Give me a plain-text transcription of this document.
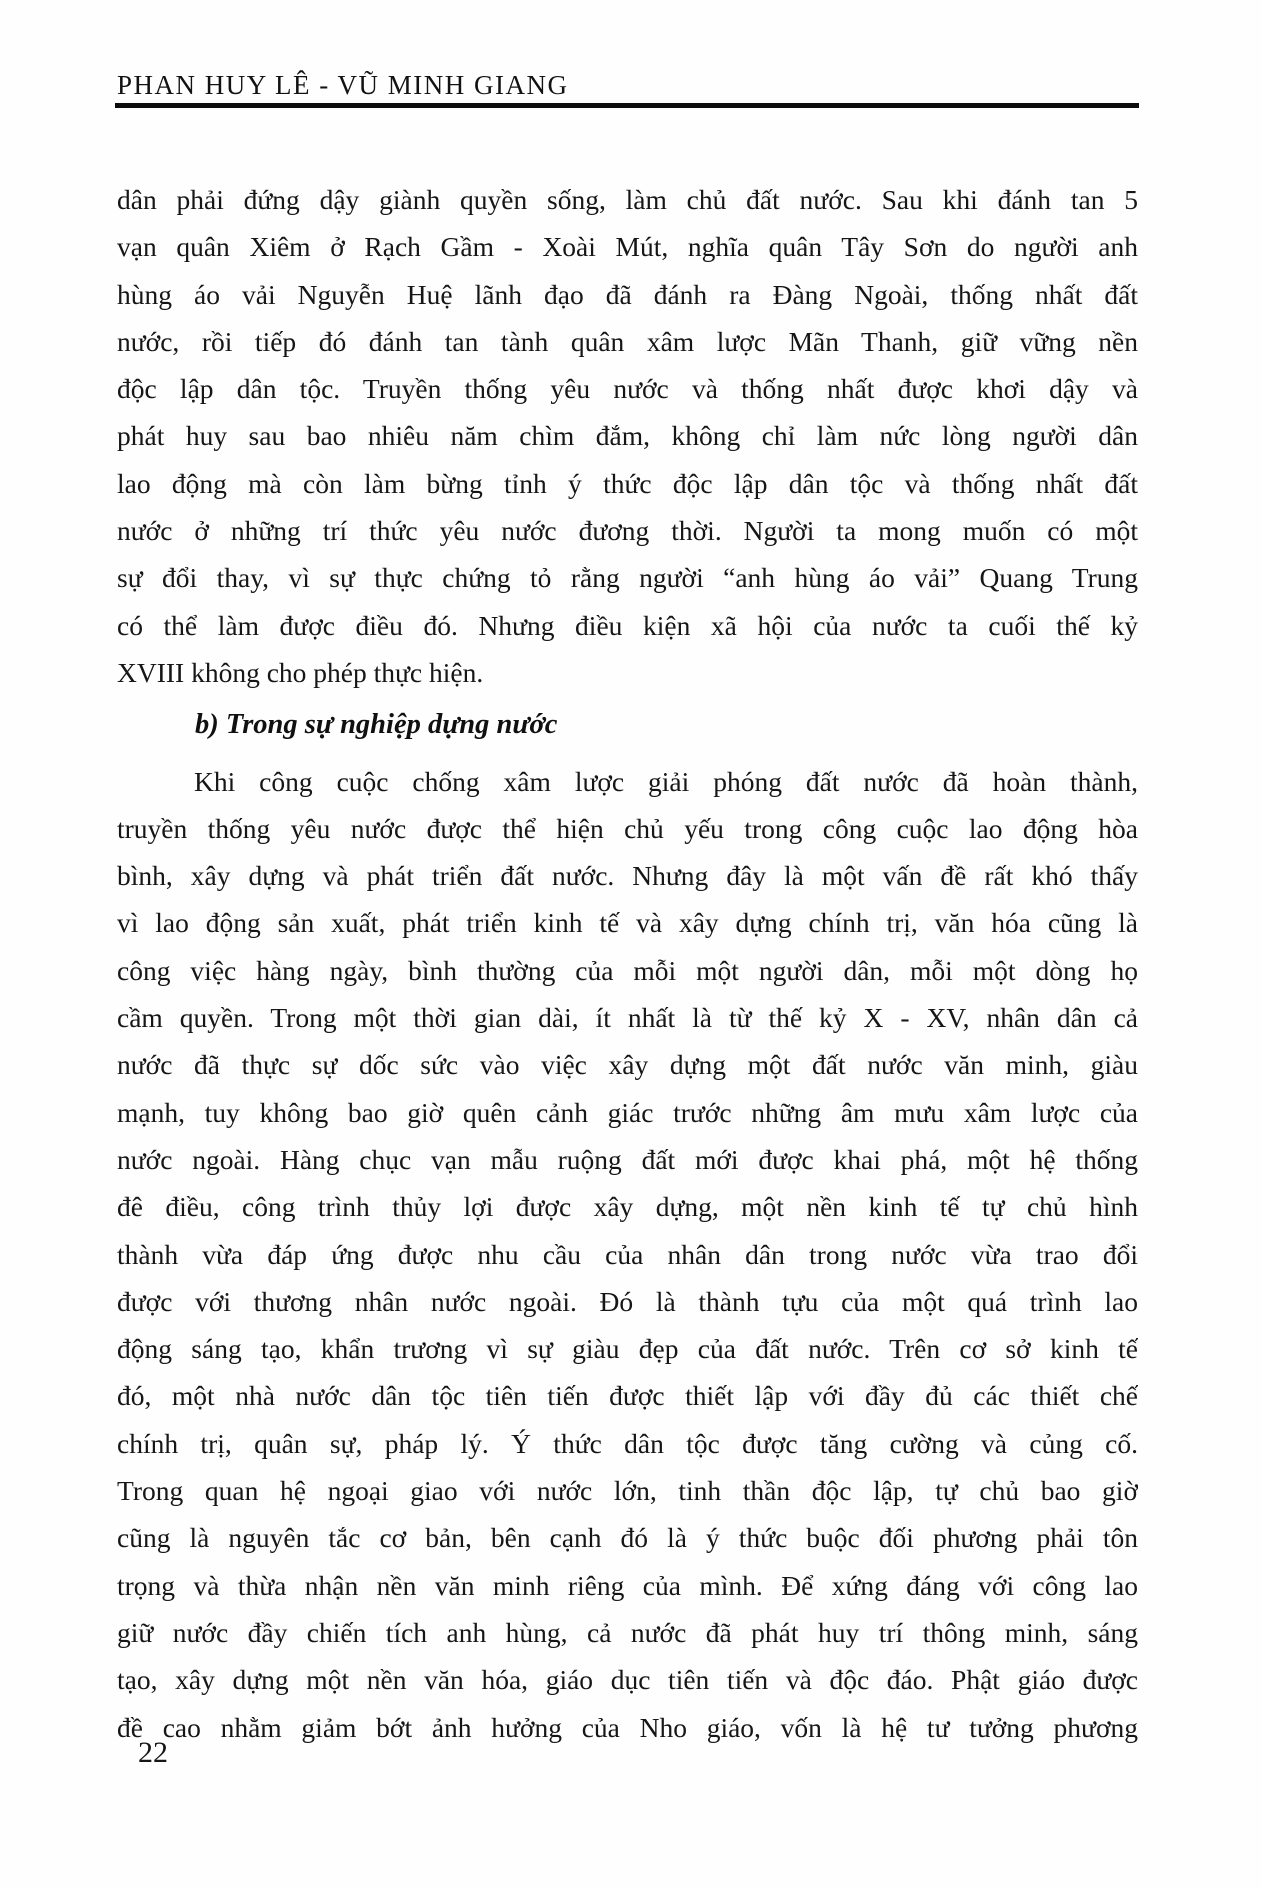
PHAN HUY LÊ - VŨ MINH GIANG
dân phải đứng dậy giành quyền sống, làm chủ đất nước. Sau khi đánh tan 5
vạn quân Xiêm ở Rạch Gầm - Xoài Mút, nghĩa quân Tây Sơn do người anh
hùng áo vải Nguyễn Huệ lãnh đạo đã đánh ra Đàng Ngoài, thống nhất đất
nước, rồi tiếp đó đánh tan tành quân xâm lược Mãn Thanh, giữ vững nền
độc lập dân tộc. Truyền thống yêu nước và thống nhất được khơi dậy và
phát huy sau bao nhiêu năm chìm đắm, không chỉ làm nức lòng người dân
lao động mà còn làm bừng tỉnh ý thức độc lập dân tộc và thống nhất đất
nước ở những trí thức yêu nước đương thời. Người ta mong muốn có một
sự đổi thay, vì sự thực chứng tỏ rằng người “anh hùng áo vải” Quang Trung
có thể làm được điều đó. Nhưng điều kiện xã hội của nước ta cuối thế kỷ
XVIII không cho phép thực hiện.
b) Trong sự nghiệp dựng nước
Khi công cuộc chống xâm lược giải phóng đất nước đã hoàn thành,
truyền thống yêu nước được thể hiện chủ yếu trong công cuộc lao động hòa
bình, xây dựng và phát triển đất nước. Nhưng đây là một vấn đề rất khó thấy
vì lao động sản xuất, phát triển kinh tế và xây dựng chính trị, văn hóa cũng là
công việc hàng ngày, bình thường của mỗi một người dân, mỗi một dòng họ
cầm quyền. Trong một thời gian dài, ít nhất là từ thế kỷ X - XV, nhân dân cả
nước đã thực sự dốc sức vào việc xây dựng một đất nước văn minh, giàu
mạnh, tuy không bao giờ quên cảnh giác trước những âm mưu xâm lược của
nước ngoài. Hàng chục vạn mẫu ruộng đất mới được khai phá, một hệ thống
đê điều, công trình thủy lợi được xây dựng, một nền kinh tế tự chủ hình
thành vừa đáp ứng được nhu cầu của nhân dân trong nước vừa trao đổi
được với thương nhân nước ngoài. Đó là thành tựu của một quá trình lao
động sáng tạo, khẩn trương vì sự giàu đẹp của đất nước. Trên cơ sở kinh tế
đó, một nhà nước dân tộc tiên tiến được thiết lập với đầy đủ các thiết chế
chính trị, quân sự, pháp lý. Ý thức dân tộc được tăng cường và củng cố.
Trong quan hệ ngoại giao với nước lớn, tinh thần độc lập, tự chủ bao giờ
cũng là nguyên tắc cơ bản, bên cạnh đó là ý thức buộc đối phương phải tôn
trọng và thừa nhận nền văn minh riêng của mình. Để xứng đáng với công lao
giữ nước đầy chiến tích anh hùng, cả nước đã phát huy trí thông minh, sáng
tạo, xây dựng một nền văn hóa, giáo dục tiên tiến và độc đáo. Phật giáo được
đề cao nhằm giảm bớt ảnh hưởng của Nho giáo, vốn là hệ tư tưởng phương
22
